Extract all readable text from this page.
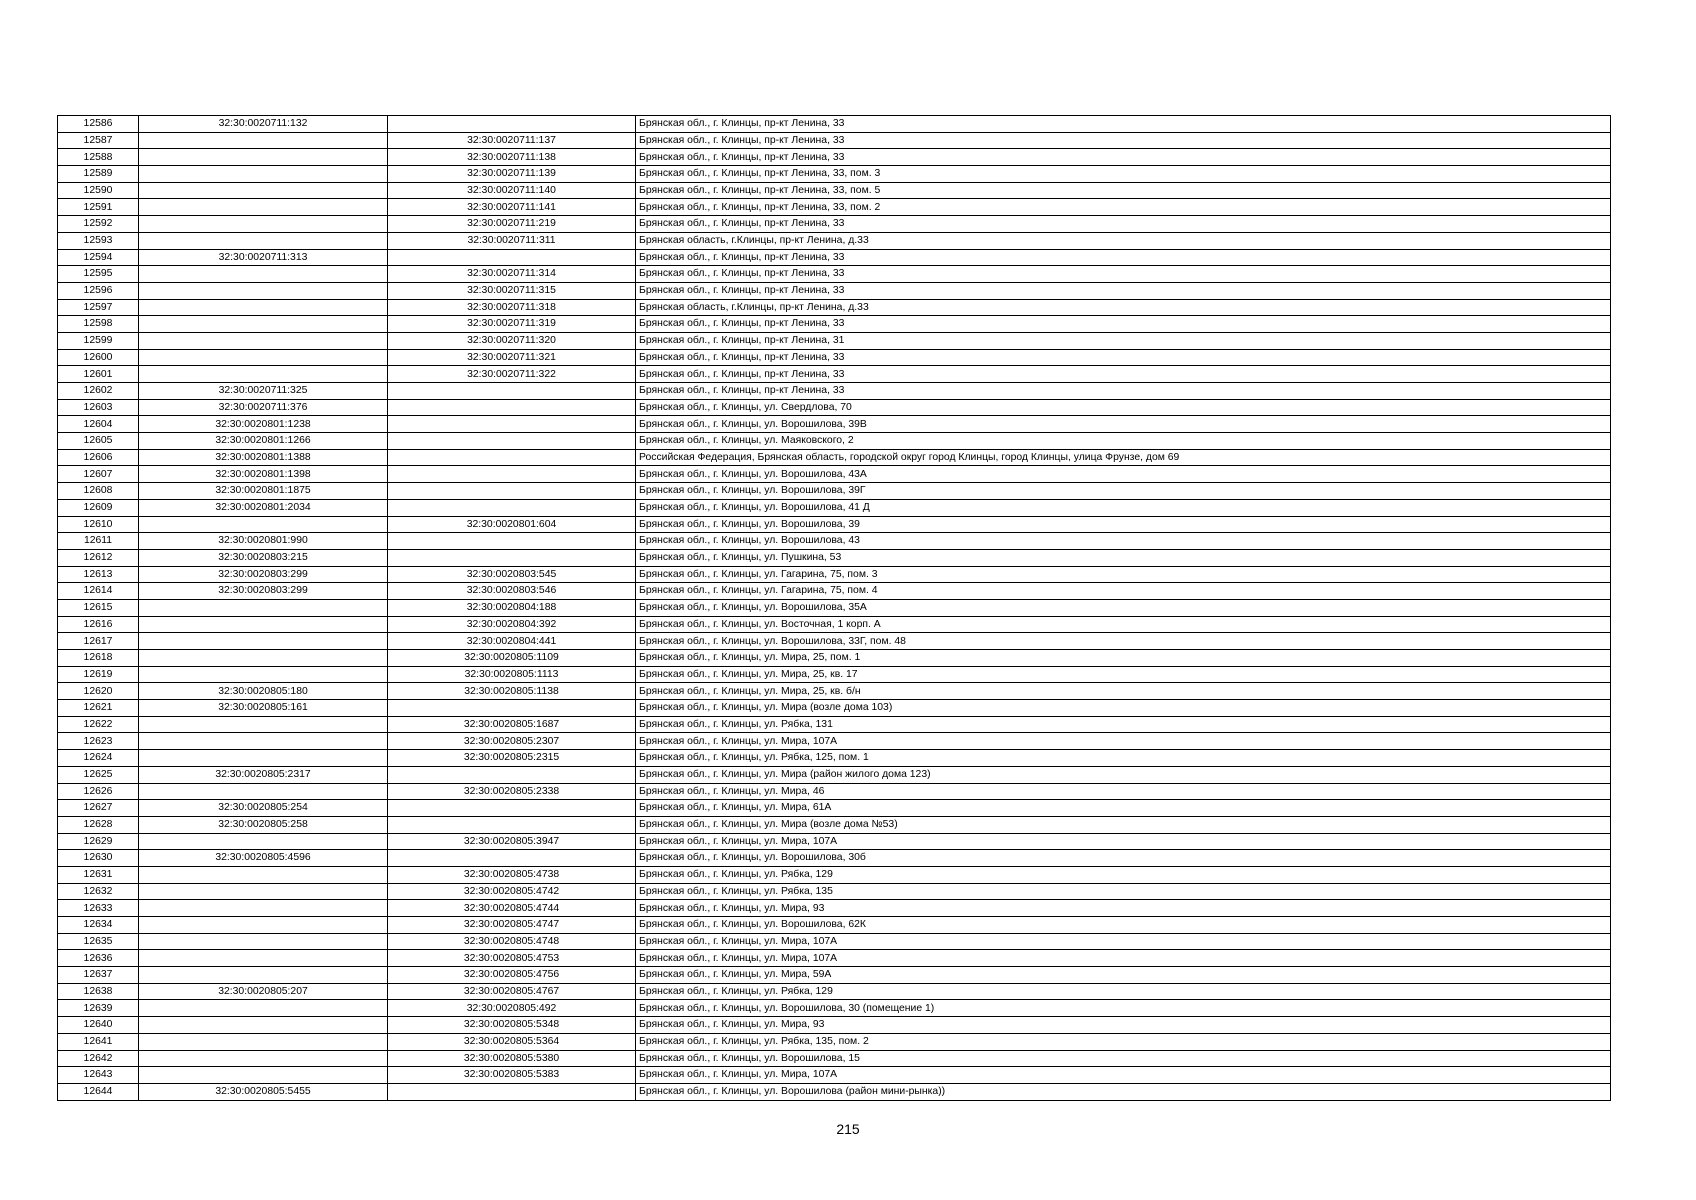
12586	32:30:0020711:132		Брянская обл., г. Клинцы, пр-кт Ленина, 33
12587		32:30:0020711:137	Брянская обл., г. Клинцы, пр-кт Ленина, 33
12588		32:30:0020711:138	Брянская обл., г. Клинцы, пр-кт Ленина, 33
12589		32:30:0020711:139	Брянская обл., г. Клинцы, пр-кт Ленина, 33, пом. 3
12590		32:30:0020711:140	Брянская обл., г. Клинцы, пр-кт Ленина, 33, пом. 5
12591		32:30:0020711:141	Брянская обл., г. Клинцы, пр-кт Ленина, 33, пом. 2
12592		32:30:0020711:219	Брянская обл., г. Клинцы, пр-кт Ленина, 33
12593		32:30:0020711:311	Брянская область, г.Клинцы, пр-кт Ленина, д.33
12594	32:30:0020711:313		Брянская обл., г. Клинцы, пр-кт Ленина, 33
12595		32:30:0020711:314	Брянская обл., г. Клинцы, пр-кт Ленина, 33
12596		32:30:0020711:315	Брянская обл., г. Клинцы, пр-кт Ленина, 33
12597		32:30:0020711:318	Брянская область, г.Клинцы, пр-кт Ленина, д.33
12598		32:30:0020711:319	Брянская обл., г. Клинцы, пр-кт Ленина, 33
12599		32:30:0020711:320	Брянская обл., г. Клинцы, пр-кт Ленина, 31
12600		32:30:0020711:321	Брянская обл., г. Клинцы, пр-кт Ленина, 33
12601		32:30:0020711:322	Брянская обл., г. Клинцы, пр-кт Ленина, 33
12602	32:30:0020711:325		Брянская обл., г. Клинцы, пр-кт Ленина, 33
12603	32:30:0020711:376		Брянская обл., г. Клинцы, ул. Свердлова, 70
12604	32:30:0020801:1238		Брянская обл., г. Клинцы, ул. Ворошилова, 39В
12605	32:30:0020801:1266		Брянская обл., г. Клинцы, ул. Маяковского, 2
12606	32:30:0020801:1388		Российская Федерация, Брянская область, городской округ город Клинцы, город Клинцы, улица Фрунзе, дом 69
12607	32:30:0020801:1398		Брянская обл., г. Клинцы, ул. Ворошилова, 43А
12608	32:30:0020801:1875		Брянская обл., г. Клинцы, ул. Ворошилова, 39Г
12609	32:30:0020801:2034		Брянская обл., г. Клинцы, ул. Ворошилова, 41 Д
12610		32:30:0020801:604	Брянская обл., г. Клинцы, ул. Ворошилова, 39
12611	32:30:0020801:990		Брянская обл., г. Клинцы, ул. Ворошилова, 43
12612	32:30:0020803:215		Брянская обл., г. Клинцы, ул. Пушкина, 53
12613	32:30:0020803:299	32:30:0020803:545	Брянская обл., г. Клинцы, ул. Гагарина, 75, пом. 3
12614	32:30:0020803:299	32:30:0020803:546	Брянская обл., г. Клинцы, ул. Гагарина, 75, пом. 4
12615		32:30:0020804:188	Брянская обл., г. Клинцы, ул. Ворошилова, 35А
12616		32:30:0020804:392	Брянская обл., г. Клинцы, ул. Восточная, 1 корп. А
12617		32:30:0020804:441	Брянская обл., г. Клинцы, ул. Ворошилова, 33Г, пом. 48
12618		32:30:0020805:1109	Брянская обл., г. Клинцы, ул. Мира, 25, пом. 1
12619		32:30:0020805:1113	Брянская обл., г. Клинцы, ул. Мира, 25, кв. 17
12620	32:30:0020805:180	32:30:0020805:1138	Брянская обл., г. Клинцы, ул. Мира, 25, кв. б/н
12621	32:30:0020805:161		Брянская обл., г. Клинцы, ул. Мира (возле дома 103)
12622		32:30:0020805:1687	Брянская обл., г. Клинцы, ул. Рябка, 131
12623		32:30:0020805:2307	Брянская обл., г. Клинцы, ул. Мира, 107А
12624		32:30:0020805:2315	Брянская обл., г. Клинцы, ул. Рябка, 125, пом. 1
12625	32:30:0020805:2317		Брянская обл., г. Клинцы, ул. Мира (район жилого дома 123)
12626		32:30:0020805:2338	Брянская обл., г. Клинцы, ул. Мира, 46
12627	32:30:0020805:254		Брянская обл., г. Клинцы, ул. Мира, 61А
12628	32:30:0020805:258		Брянская обл., г. Клинцы, ул. Мира (возле дома №53)
12629		32:30:0020805:3947	Брянская обл., г. Клинцы, ул. Мира, 107А
12630	32:30:0020805:4596		Брянская обл., г. Клинцы, ул. Ворошилова, 30б
12631		32:30:0020805:4738	Брянская обл., г. Клинцы, ул. Рябка, 129
12632		32:30:0020805:4742	Брянская обл., г. Клинцы, ул. Рябка, 135
12633		32:30:0020805:4744	Брянская обл., г. Клинцы, ул. Мира, 93
12634		32:30:0020805:4747	Брянская обл., г. Клинцы, ул. Ворошилова, 62К
12635		32:30:0020805:4748	Брянская обл., г. Клинцы, ул. Мира, 107А
12636		32:30:0020805:4753	Брянская обл., г. Клинцы, ул. Мира, 107А
12637		32:30:0020805:4756	Брянская обл., г. Клинцы, ул. Мира, 59А
12638	32:30:0020805:207	32:30:0020805:4767	Брянская обл., г. Клинцы, ул. Рябка, 129
12639		32:30:0020805:492	Брянская обл., г. Клинцы, ул. Ворошилова, 30 (помещение 1)
12640		32:30:0020805:5348	Брянская обл., г. Клинцы, ул. Мира, 93
12641		32:30:0020805:5364	Брянская обл., г. Клинцы, ул. Рябка, 135, пом. 2
12642		32:30:0020805:5380	Брянская обл., г. Клинцы, ул. Ворошилова, 15
12643		32:30:0020805:5383	Брянская обл., г. Клинцы, ул. Мира, 107А
12644	32:30:0020805:5455		Брянская обл., г. Клинцы, ул. Ворошилова (район мини-рынка))
215
